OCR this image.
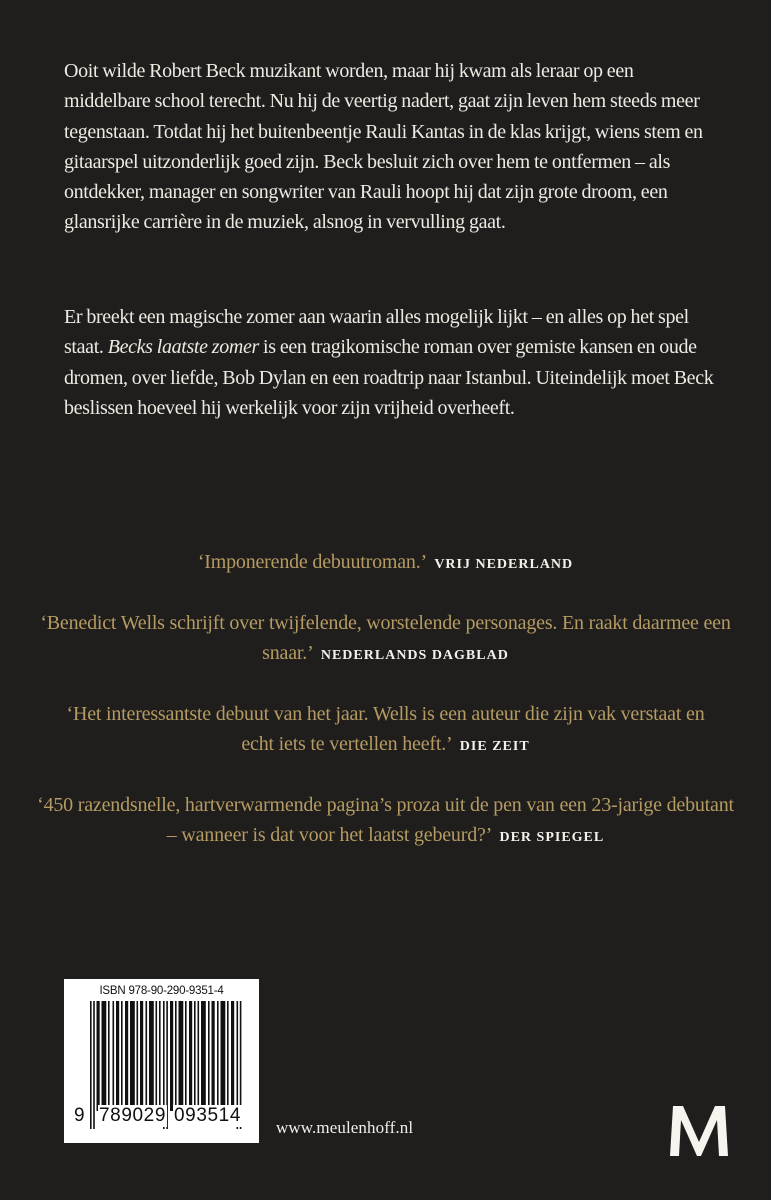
Ooit wilde Robert Beck muzikant worden, maar hij kwam als leraar op een middelbare school terecht. Nu hij de veertig nadert, gaat zijn leven hem steeds meer tegenstaan. Totdat hij het buitenbeentje Rauli Kantas in de klas krijgt, wiens stem en gitaarspel uitzonderlijk goed zijn. Beck besluit zich over hem te ontfermen – als ontdekker, manager en songwriter van Rauli hoopt hij dat zijn grote droom, een glansrijke carrière in de muziek, alsnog in vervulling gaat.

Er breekt een magische zomer aan waarin alles mogelijk lijkt – en alles op het spel staat. Becks laatste zomer is een tragikomische roman over gemiste kansen en oude dromen, over liefde, Bob Dylan en een roadtrip naar Istanbul. Uiteindelijk moet Beck beslissen hoeveel hij werkelijk voor zijn vrijheid overheeft.

‘Imponerende debuutroman.’ VRIJ NEDERLAND

‘Benedict Wells schrijft over twijfelende, worstelende personages. En raakt daarmee een snaar.’ NEDERLANDS DAGBLAD

‘Het interessantste debuut van het jaar. Wells is een auteur die zijn vak verstaat en echt iets te vertellen heeft.’ DIE ZEIT

‘450 razendsnelle, hartverwarmende pagina’s proza uit de pen van een 23-jarige debutant – wanneer is dat voor het laatst gebeurd?’ DER SPIEGEL

ISBN 978-90-290-9351-4
9 789029 093514
www.meulenhoff.nl
